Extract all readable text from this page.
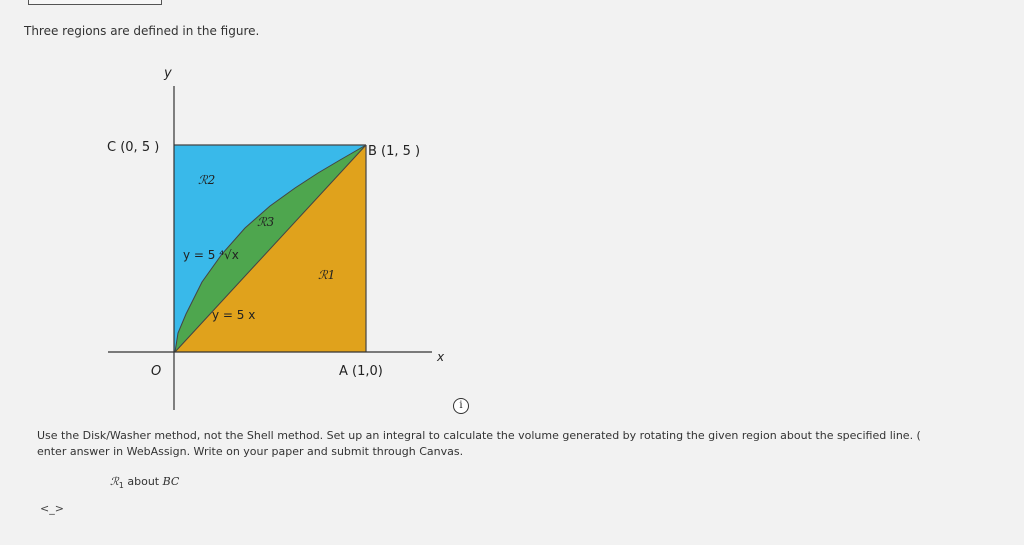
Three regions are defined in the figure.
y
x
C (0, 5 )	B (1, 5 )
A (1,0)
O
ℛ2
ℛ3
ℛ1
y = 5 ⁴√x
y = 5 x
i
Use the Disk/Washer method, not the Shell method. Set up an integral to calculate the volume generated by rotating the given region about the specified line. (
enter answer in WebAssign. Write on your paper and submit through Canvas.
ℛ$_1$ about BC
<_>
